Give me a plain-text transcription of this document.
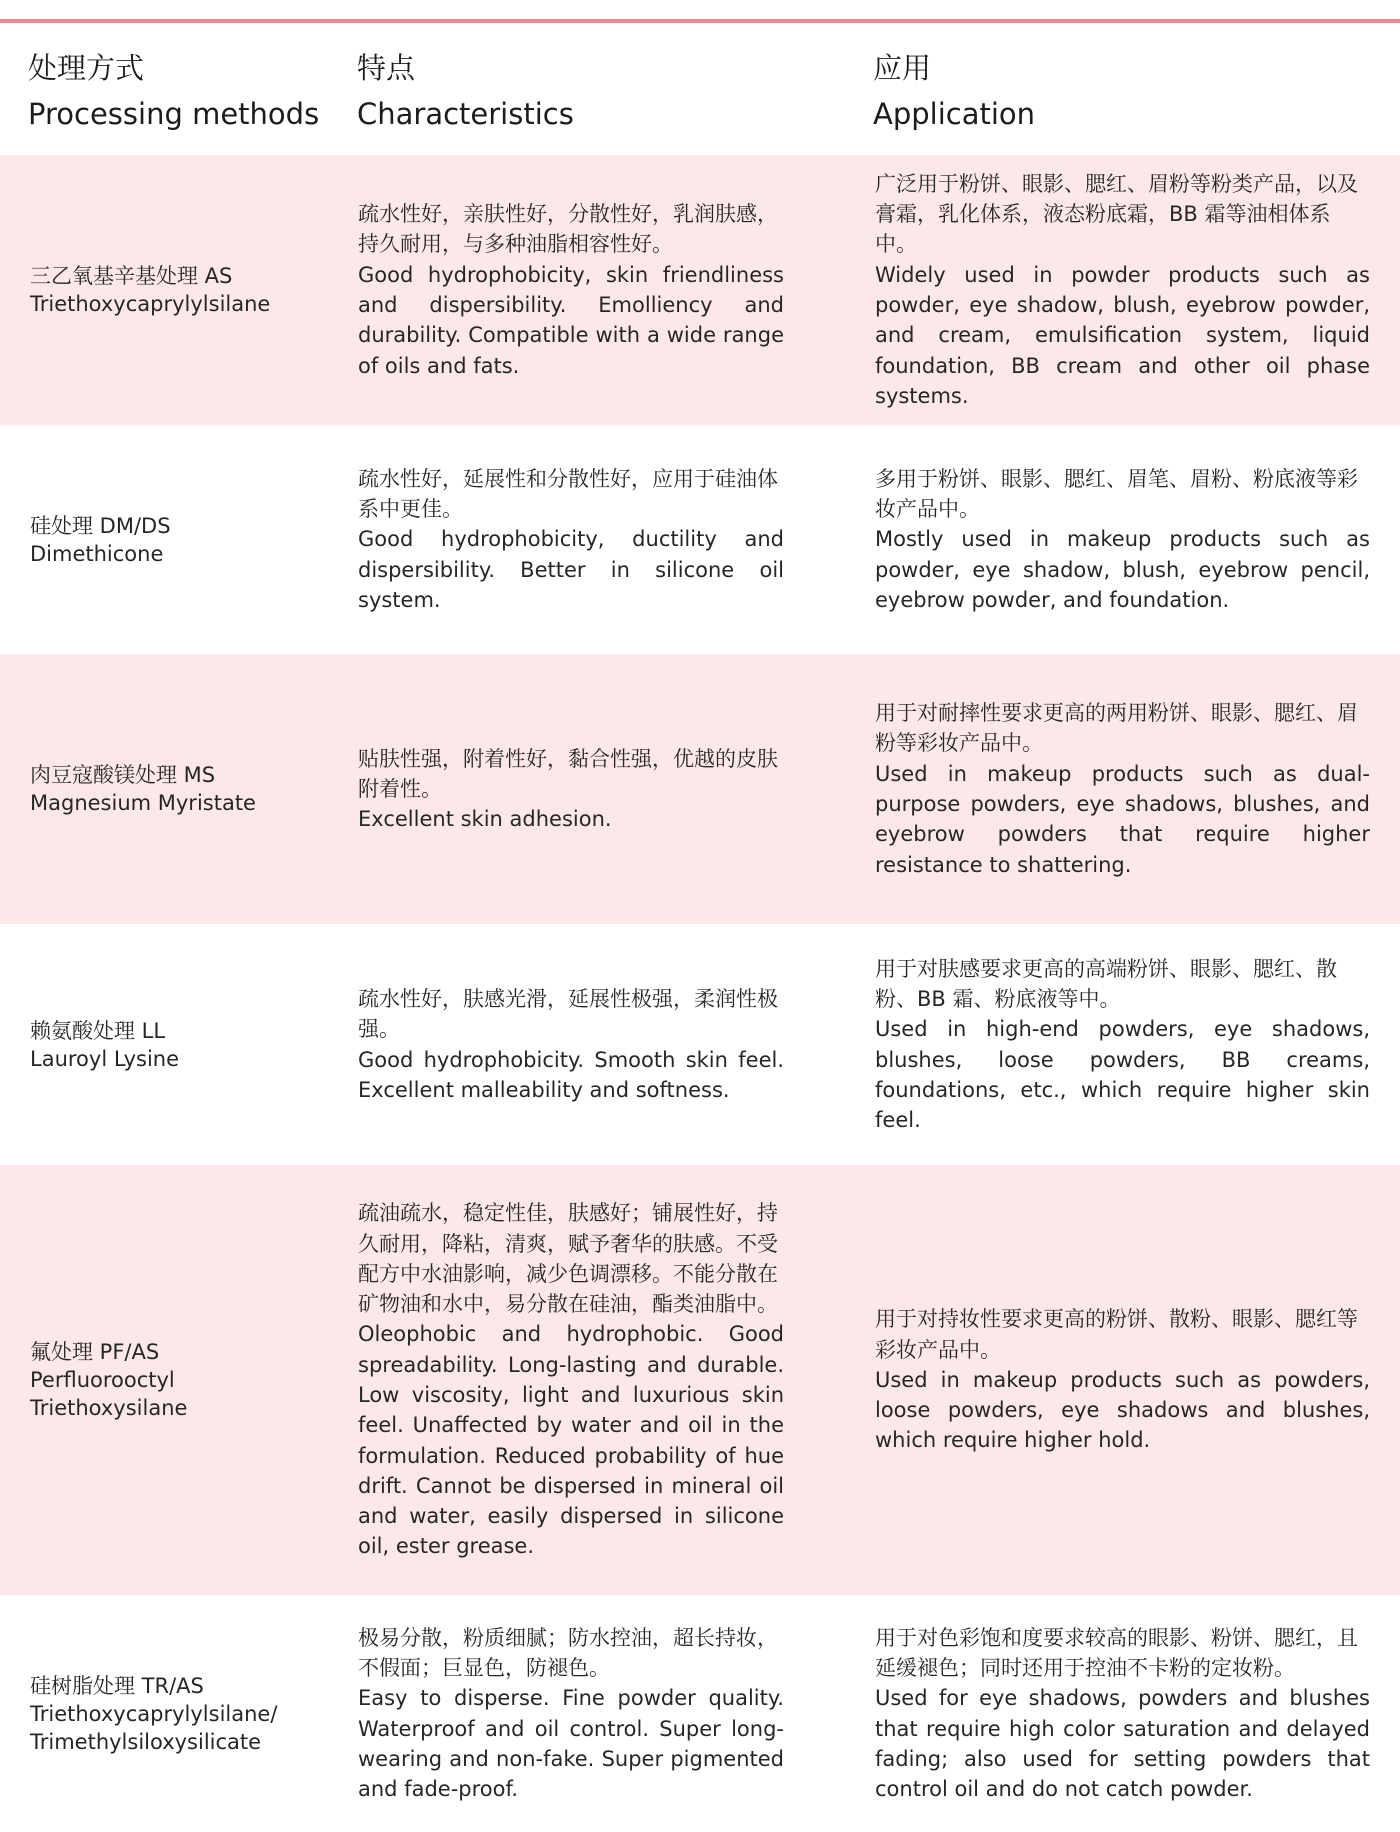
处理方式
Processing methods
特点
Characteristics
应用
Application
三乙氧基辛基处理 AS
Triethoxycaprylylsilane
疏水性好，亲肤性好，分散性好，乳润肤感，持久耐用，与多种油脂相容性好。
Good hydrophobicity, skin friendliness and dispersibility. Emolliency and durability. Compatible with a wide range of oils and fats.
广泛用于粉饼、眼影、腮红、眉粉等粉类产品，以及膏霜，乳化体系，液态粉底霜，BB 霜等油相体系中。
Widely used in powder products such as powder, eye shadow, blush, eyebrow powder, and cream, emulsification system, liquid foundation, BB cream and other oil phase systems.
硅处理 DM/DS
Dimethicone
疏水性好，延展性和分散性好，应用于硅油体系中更佳。
Good hydrophobicity, ductility and dispersibility. Better in silicone oil system.
多用于粉饼、眼影、腮红、眉笔、眉粉、粉底液等彩妆产品中。
Mostly used in makeup products such as powder, eye shadow, blush, eyebrow pencil, eyebrow powder, and foundation.
肉豆寇酸镁处理 MS
Magnesium Myristate
贴肤性强，附着性好，黏合性强，优越的皮肤附着性。
Excellent skin adhesion.
用于对耐摔性要求更高的两用粉饼、眼影、腮红、眉粉等彩妆产品中。
Used in makeup products such as dual-purpose powders, eye shadows, blushes, and eyebrow powders that require higher resistance to shattering.
赖氨酸处理 LL
Lauroyl Lysine
疏水性好，肤感光滑，延展性极强，柔润性极强。
Good hydrophobicity. Smooth skin feel. Excellent malleability and softness.
用于对肤感要求更高的高端粉饼、眼影、腮红、散粉、BB 霜、粉底液等中。
Used in high-end powders, eye shadows, blushes, loose powders, BB creams, foundations, etc., which require higher skin feel.
氟处理 PF/AS
Perfluorooctyl Triethoxysilane
疏油疏水，稳定性佳，肤感好；铺展性好，持久耐用，降粘，清爽，赋予奢华的肤感。不受配方中水油影响，减少色调漂移。不能分散在矿物油和水中，易分散在硅油，酯类油脂中。
Oleophobic and hydrophobic. Good spreadability. Long-lasting and durable. Low viscosity, light and luxurious skin feel. Unaffected by water and oil in the formulation. Reduced probability of hue drift. Cannot be dispersed in mineral oil and water, easily dispersed in silicone oil, ester grease.
用于对持妆性要求更高的粉饼、散粉、眼影、腮红等彩妆产品中。
Used in makeup products such as powders, loose powders, eye shadows and blushes, which require higher hold.
硅树脂处理 TR/AS
Triethoxycaprylylsilane/ Trimethylsiloxysilicate
极易分散，粉质细腻；防水控油，超长持妆，不假面；巨显色，防褪色。
Easy to disperse. Fine powder quality. Waterproof and oil control. Super long-wearing and non-fake. Super pigmented and fade-proof.
用于对色彩饱和度要求较高的眼影、粉饼、腮红，且延缓褪色；同时还用于控油不卡粉的定妆粉。
Used for eye shadows, powders and blushes that require high color saturation and delayed fading; also used for setting powders that control oil and do not catch powder.
